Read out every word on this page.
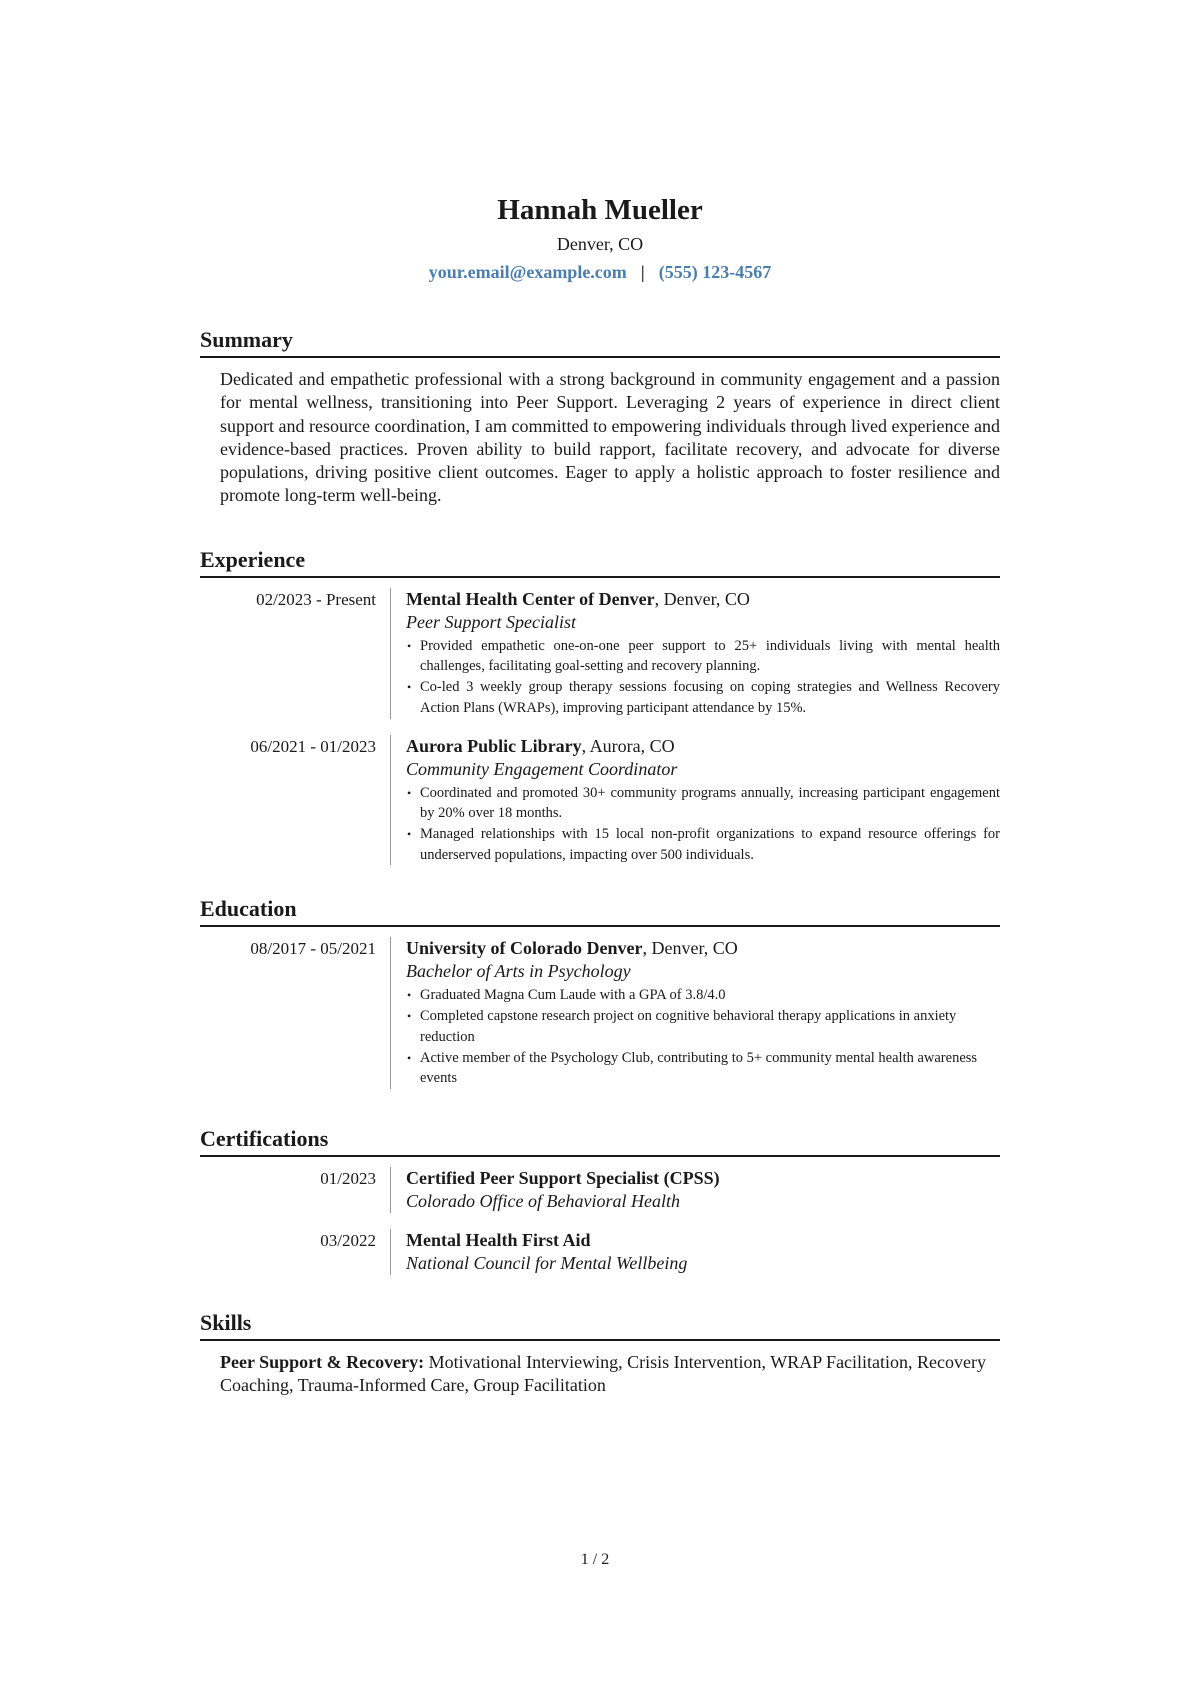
Hannah Mueller
Denver, CO
your.email@example.com | (555) 123-4567
Summary

Dedicated and empathetic professional with a strong background in community engagement and a passion for mental wellness, transitioning into Peer Support. Leveraging 2 years of experience in direct client support and resource coordination, I am committed to empowering individuals through lived experience and evidence-based practices. Proven ability to build rapport, facilitate recovery, and advocate for diverse populations, driving positive client outcomes. Eager to apply a holistic approach to foster resilience and promote long-term well-being.

Experience
02/2023 - Present	Mental Health Center of Denver, Denver, CO
Peer Support Specialist
• Provided empathetic one-on-one peer support to 25+ individuals living with mental health challenges, facilitating goal-setting and recovery planning.
• Co-led 3 weekly group therapy sessions focusing on coping strategies and Wellness Recovery Action Plans (WRAPs), improving participant attendance by 15%.
06/2021 - 01/2023	Aurora Public Library, Aurora, CO
Community Engagement Coordinator
• Coordinated and promoted 30+ community programs annually, increasing participant engagement by 20% over 18 months.
• Managed relationships with 15 local non-profit organizations to expand resource offerings for underserved populations, impacting over 500 individuals.
Education
08/2017 - 05/2021	University of Colorado Denver, Denver, CO
Bachelor of Arts in Psychology
• Graduated Magna Cum Laude with a GPA of 3.8/4.0
• Completed capstone research project on cognitive behavioral therapy applications in anxiety reduction
• Active member of the Psychology Club, contributing to 5+ community mental health awareness events
Certifications
01/2023	Certified Peer Support Specialist (CPSS)
Colorado Office of Behavioral Health
03/2022	Mental Health First Aid
National Council for Mental Wellbeing
Skills
Peer Support & Recovery: Motivational Interviewing, Crisis Intervention, WRAP Facilitation, Recovery Coaching, Trauma-Informed Care, Group Facilitation
1 / 2
